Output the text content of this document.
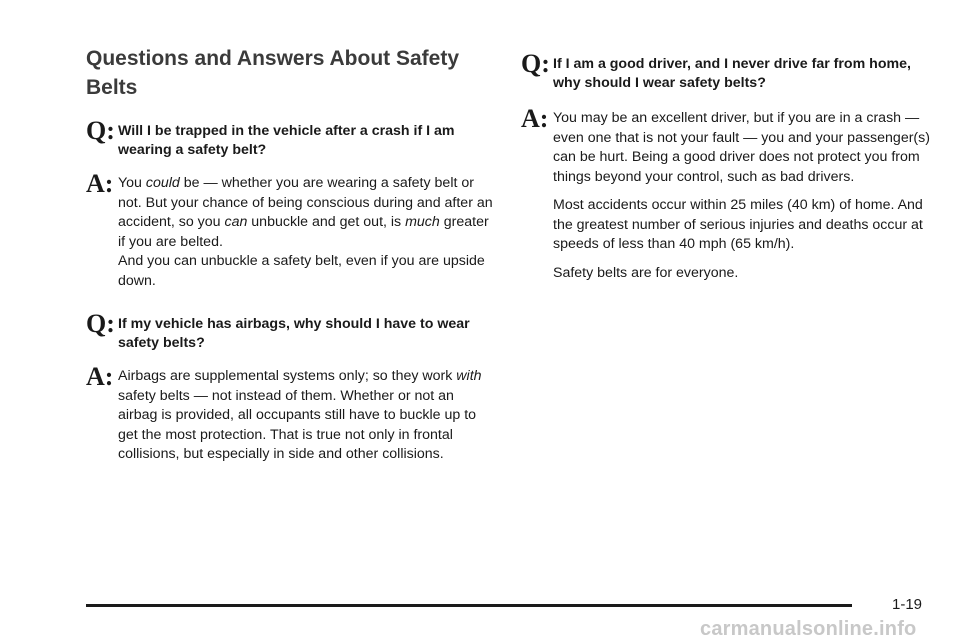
Questions and Answers About Safety Belts
Q: Will I be trapped in the vehicle after a crash if I am wearing a safety belt?
A: You could be — whether you are wearing a safety belt or not. But your chance of being conscious during and after an accident, so you can unbuckle and get out, is much greater if you are belted.

And you can unbuckle a safety belt, even if you are upside down.

Q: If my vehicle has airbags, why should I have to wear safety belts?
A: Airbags are supplemental systems only; so they work with safety belts — not instead of them. Whether or not an airbag is provided, all occupants still have to buckle up to get the most protection. That is true not only in frontal collisions, but especially in side and other collisions.

Q: If I am a good driver, and I never drive far from home, why should I wear safety belts?
A: You may be an excellent driver, but if you are in a crash — even one that is not your fault — you and your passenger(s) can be hurt. Being a good driver does not protect you from things beyond your control, such as bad drivers.

Most accidents occur within 25 miles (40 km) of home. And the greatest number of serious injuries and deaths occur at speeds of less than 40 mph (65 km/h).

Safety belts are for everyone.

1-19
carmanualsonline.info
